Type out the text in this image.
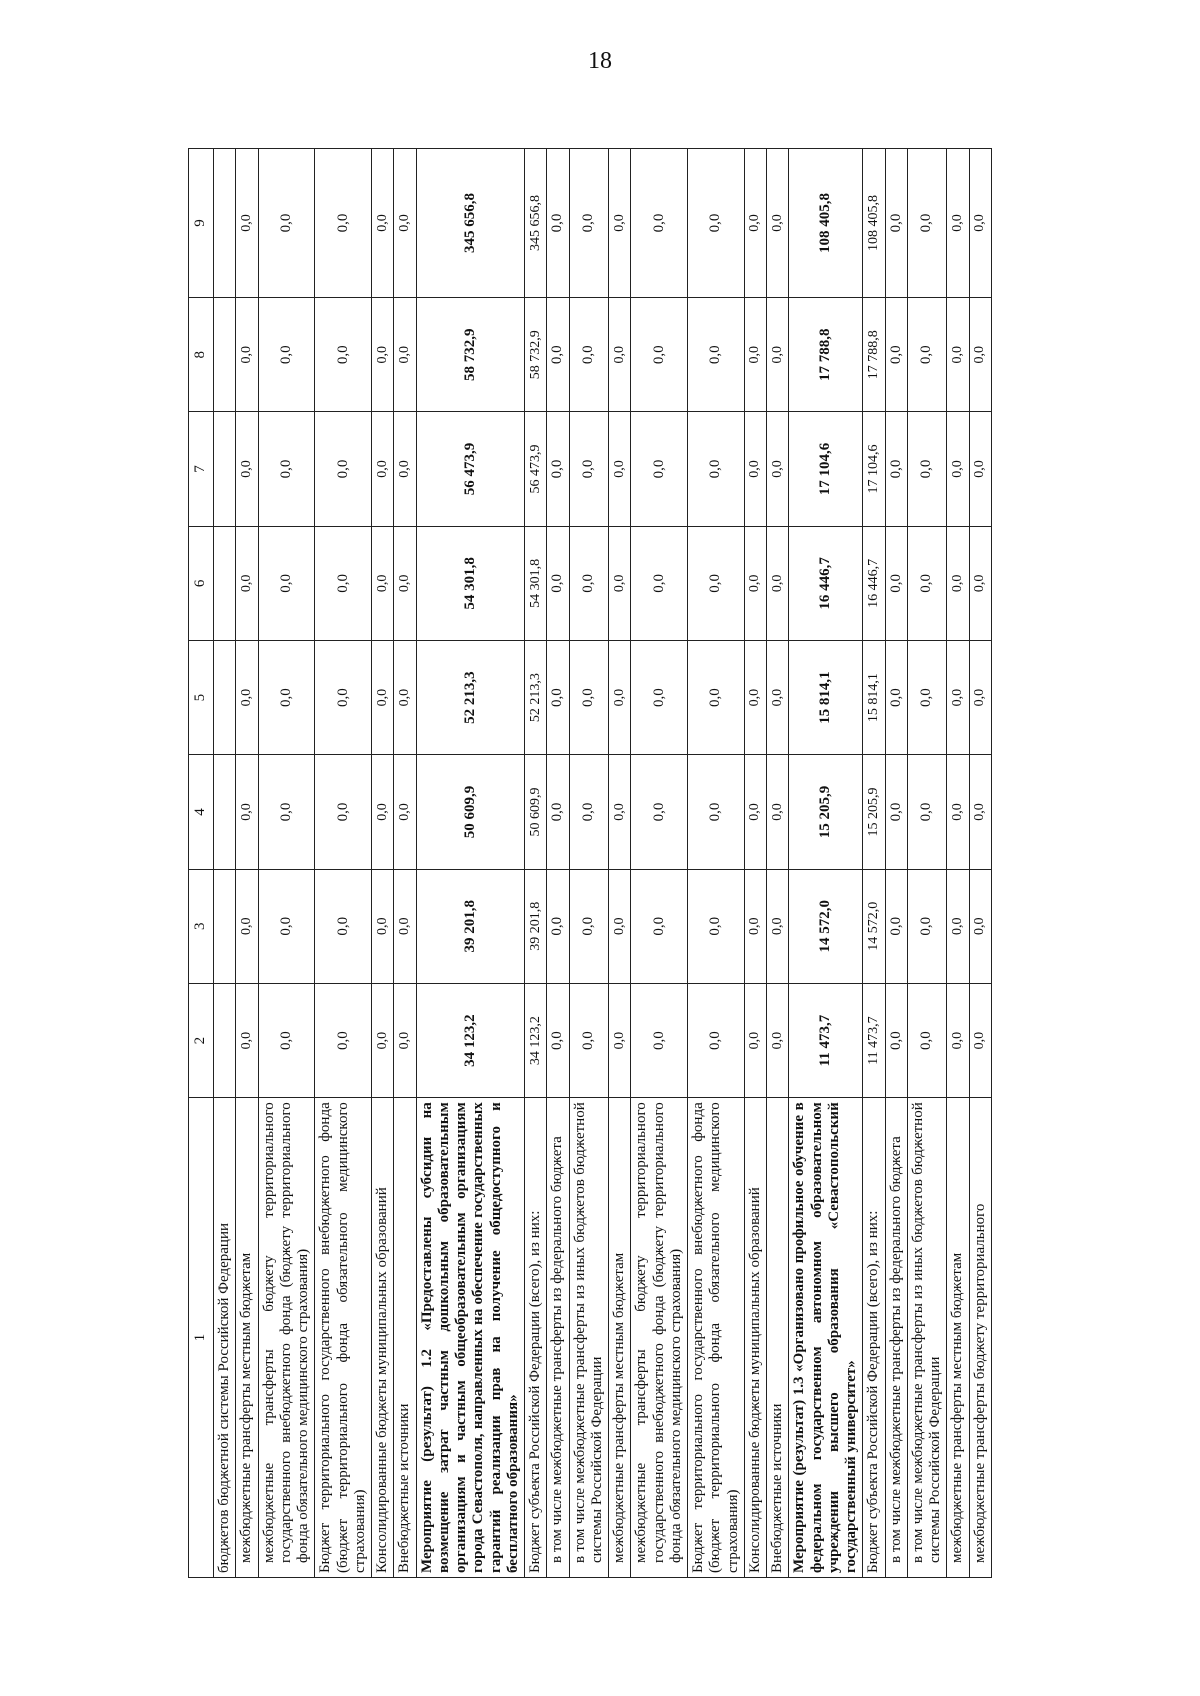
18
1	2	3	4	5	6	7	8	9
бюджетов бюджетной системы Российской Федерации								
межбюджетные трансферты местным бюджетам	0,0	0,0	0,0	0,0	0,0	0,0	0,0	0,0
межбюджетные трансферты бюджету территориального государственного внебюджетного фонда (бюджету территориального фонда обязательного медицинского страхования)	0,0	0,0	0,0	0,0	0,0	0,0	0,0	0,0
Бюджет территориального государственного внебюджетного фонда (бюджет территориального фонда обязательного медицинского страхования)	0,0	0,0	0,0	0,0	0,0	0,0	0,0	0,0
Консолидированные бюджеты муниципальных образований	0,0	0,0	0,0	0,0	0,0	0,0	0,0	0,0
Внебюджетные источники	0,0	0,0	0,0	0,0	0,0	0,0	0,0	0,0
Мероприятие (результат) 1.2 «Предоставлены субсидии на возмещение затрат частным дошкольным образовательным организациям и частным общеобразовательным организациям города Севастополя, направленных на обеспечение государственных гарантий реализации прав на получение общедоступного и бесплатного образования»	34 123,2	39 201,8	50 609,9	52 213,3	54 301,8	56 473,9	58 732,9	345 656,8
Бюджет субъекта Российской Федерации (всего), из них:	34 123,2	39 201,8	50 609,9	52 213,3	54 301,8	56 473,9	58 732,9	345 656,8
в том числе межбюджетные трансферты из федерального бюджета	0,0	0,0	0,0	0,0	0,0	0,0	0,0	0,0
в том числе межбюджетные трансферты из иных бюджетов бюджетной системы Российской Федерации	0,0	0,0	0,0	0,0	0,0	0,0	0,0	0,0
межбюджетные трансферты местным бюджетам	0,0	0,0	0,0	0,0	0,0	0,0	0,0	0,0
межбюджетные трансферты бюджету территориального государственного внебюджетного фонда (бюджету территориального фонда обязательного медицинского страхования)	0,0	0,0	0,0	0,0	0,0	0,0	0,0	0,0
Бюджет территориального государственного внебюджетного фонда (бюджет территориального фонда обязательного медицинского страхования)	0,0	0,0	0,0	0,0	0,0	0,0	0,0	0,0
Консолидированные бюджеты муниципальных образований	0,0	0,0	0,0	0,0	0,0	0,0	0,0	0,0
Внебюджетные источники	0,0	0,0	0,0	0,0	0,0	0,0	0,0	0,0
Мероприятие (результат) 1.3 «Организовано профильное обучение в федеральном государственном автономном образовательном учреждении высшего образования «Севастопольский государственный университет»	11 473,7	14 572,0	15 205,9	15 814,1	16 446,7	17 104,6	17 788,8	108 405,8
Бюджет субъекта Российской Федерации (всего), из них:	11 473,7	14 572,0	15 205,9	15 814,1	16 446,7	17 104,6	17 788,8	108 405,8
в том числе межбюджетные трансферты из федерального бюджета	0,0	0,0	0,0	0,0	0,0	0,0	0,0	0,0
в том числе межбюджетные трансферты из иных бюджетов бюджетной системы Российской Федерации	0,0	0,0	0,0	0,0	0,0	0,0	0,0	0,0
межбюджетные трансферты местным бюджетам	0,0	0,0	0,0	0,0	0,0	0,0	0,0	0,0
межбюджетные трансферты бюджету территориального	0,0	0,0	0,0	0,0	0,0	0,0	0,0	0,0
